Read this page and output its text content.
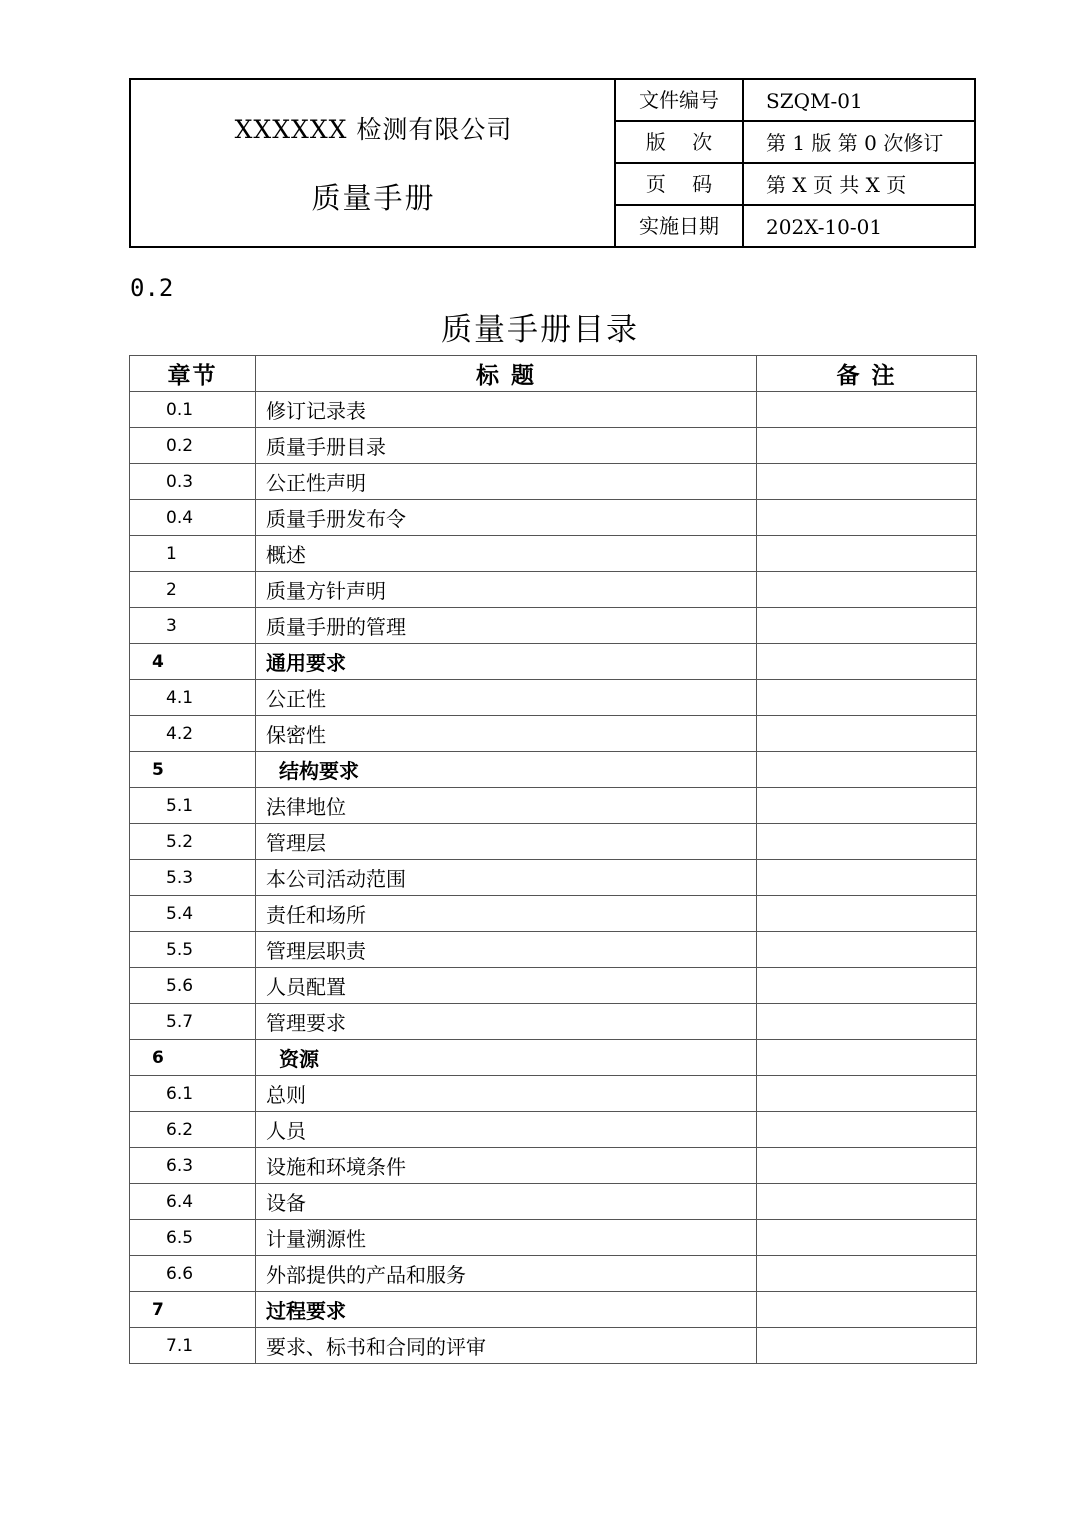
XXXXXX 检测有限公司
质量手册
文件编号	SZQM-01
版　 次	第 1 版 第 0 次修订
页　 码	第 X 页 共 X 页
实施日期	202X-10-01
0.2
质量手册目录
章节	标 题	备 注
0.1	修订记录表	
0.2	质量手册目录	
0.3	公正性声明	
0.4	质量手册发布令	
1	概述	
2	质量方针声明	
3	质量手册的管理	
4	通用要求	
4.1	公正性	
4.2	保密性	
5	结构要求	
5.1	法律地位	
5.2	管理层	
5.3	本公司活动范围	
5.4	责任和场所	
5.5	管理层职责	
5.6	人员配置	
5.7	管理要求	
6	资源	
6.1	总则	
6.2	人员	
6.3	设施和环境条件	
6.4	设备	
6.5	计量溯源性	
6.6	外部提供的产品和服务	
7	过程要求	
7.1	要求、标书和合同的评审	
